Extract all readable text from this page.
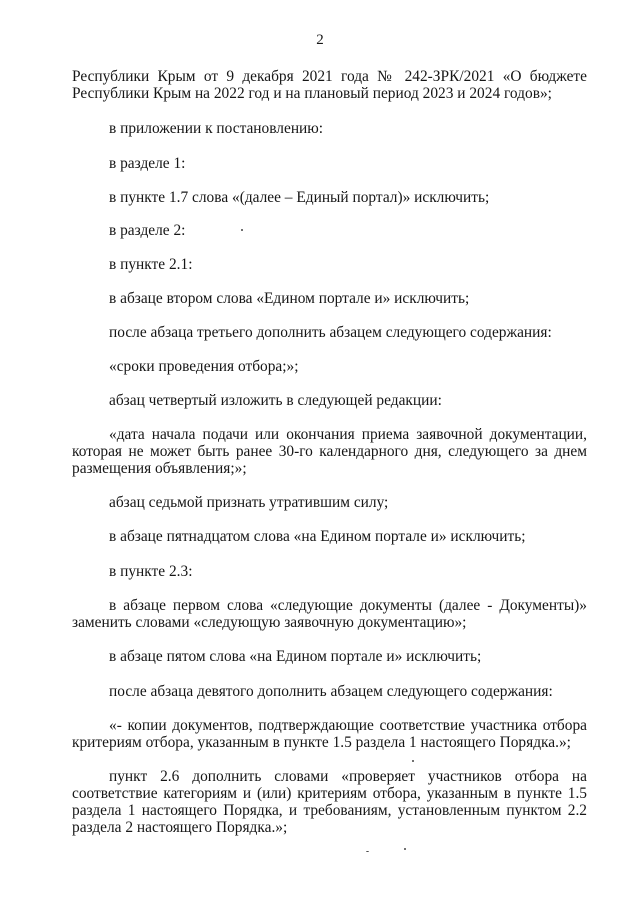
2

Республики Крым от 9 декабря 2021 года № 242-ЗРК/2021 «О бюджете Республики Крым на 2022 год и на плановый период 2023 и 2024 годов»;

в приложении к постановлению:

в разделе 1:

в пункте 1.7 слова «(далее – Единый портал)» исключить;

в разделе 2:

в пункте 2.1:

в абзаце втором слова «Едином портале и» исключить;

после абзаца третьего дополнить абзацем следующего содержания:

«сроки проведения отбора;»;

абзац четвертый изложить в следующей редакции:

«дата начала подачи или окончания приема заявочной документации, которая не может быть ранее 30-го календарного дня, следующего за днем размещения объявления;»;

абзац седьмой признать утратившим силу;

в абзаце пятнадцатом слова «на Едином портале и» исключить;

в пункте 2.3:

в абзаце первом слова «следующие документы (далее - Документы)» заменить словами «следующую заявочную документацию»;

в абзаце пятом слова «на Едином портале и» исключить;

после абзаца девятого дополнить абзацем следующего содержания:

«- копии документов, подтверждающие соответствие участника отбора критериям отбора, указанным в пункте 1.5 раздела 1 настоящего Порядка.»;

пункт 2.6 дополнить словами «проверяет участников отбора на соответствие категориям и (или) критериям отбора, указанным в пункте 1.5 раздела 1 настоящего Порядка, и требованиям, установленным пунктом 2.2 раздела 2 настоящего Порядка.»;
